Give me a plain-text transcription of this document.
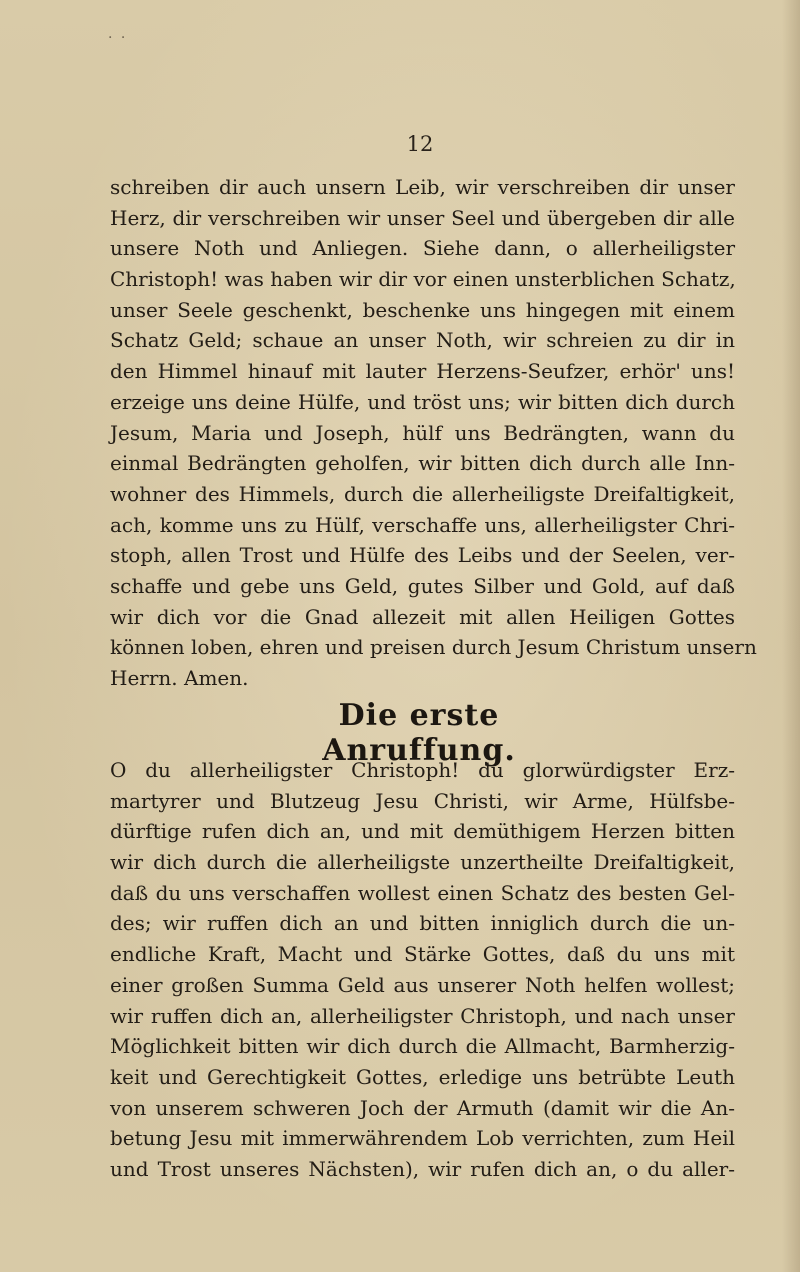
· ·
12
schreiben dir auch unsern Leib, wir verschreiben dir unser
Herz, dir verschreiben wir unser Seel und übergeben dir alle
unsere Noth und Anliegen. Siehe dann, o allerheiligster
Christoph! was haben wir dir vor einen unsterblichen Schatz,
unser Seele geschenkt, beschenke uns hingegen mit einem
Schatz Geld; schaue an unser Noth, wir schreien zu dir in
den Himmel hinauf mit lauter Herzens-Seufzer, erhör' uns!
erzeige uns deine Hülfe, und tröst uns; wir bitten dich durch
Jesum, Maria und Joseph, hülf uns Bedrängten, wann du
einmal Bedrängten geholfen, wir bitten dich durch alle Inn-
wohner des Himmels, durch die allerheiligste Dreifaltigkeit,
ach, komme uns zu Hülf, verschaffe uns, allerheiligster Chri-
stoph, allen Trost und Hülfe des Leibs und der Seelen, ver-
schaffe und gebe uns Geld, gutes Silber und Gold, auf daß
wir dich vor die Gnad allezeit mit allen Heiligen Gottes
können loben, ehren und preisen durch Jesum Christum unsern
Herrn. Amen.
Die erste Anruffung.
O du allerheiligster Christoph! du glorwürdigster Erz-
martyrer und Blutzeug Jesu Christi, wir Arme, Hülfsbe-
dürftige rufen dich an, und mit demüthigem Herzen bitten
wir dich durch die allerheiligste unzertheilte Dreifaltigkeit,
daß du uns verschaffen wollest einen Schatz des besten Gel-
des; wir ruffen dich an und bitten inniglich durch die un-
endliche Kraft, Macht und Stärke Gottes, daß du uns mit
einer großen Summa Geld aus unserer Noth helfen wollest;
wir ruffen dich an, allerheiligster Christoph, und nach unser
Möglichkeit bitten wir dich durch die Allmacht, Barmherzig-
keit und Gerechtigkeit Gottes, erledige uns betrübte Leuth
von unserem schweren Joch der Armuth (damit wir die An-
betung Jesu mit immerwährendem Lob verrichten, zum Heil
und Trost unseres Nächsten), wir rufen dich an, o du aller-
